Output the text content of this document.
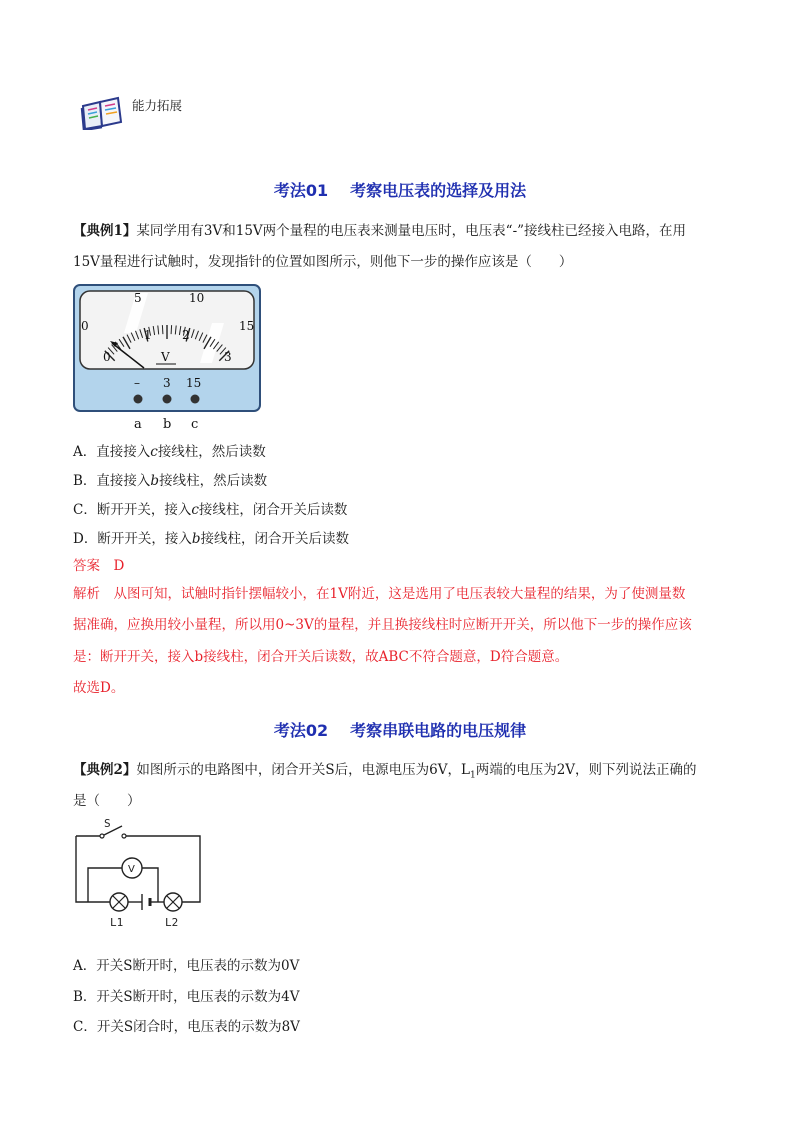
能力拓展
考法01 考察电压表的选择及用法
【典例1】某同学用有3V和15V两个量程的电压表来测量电压时，电压表“-”接线柱已经接入电路，在用
15V量程进行试触时，发现指针的位置如图所示，则他下一步的操作应该是（　　）
0
5	10
15
0
1	2
3
V
– 3 15
a b c
A．直接接入c接线柱，然后读数
B．直接接入b接线柱，然后读数
C．断开开关，接入c接线柱，闭合开关后读数
D．断开开关，接入b接线柱，闭合开关后读数
答案　D
解析　从图可知，试触时指针摆幅较小，在1V附近，这是选用了电压表较大量程的结果，为了使测量数
据准确，应换用较小量程，所以用0~3V的量程，并且换接线柱时应断开开关，所以他下一步的操作应该
是：断开开关，接入b接线柱，闭合开关后读数，故ABC不符合题意，D符合题意。
故选D。
考法02 考察串联电路的电压规律
【典例2】如图所示的电路图中，闭合开关S后，电源电压为6V，$L_1$两端的电压为2V，则下列说法正确的
是（　　）
S
V
L1	L2
A．开关S断开时，电压表的示数为0V
B．开关S断开时，电压表的示数为4V
C．开关S闭合时，电压表的示数为8V
